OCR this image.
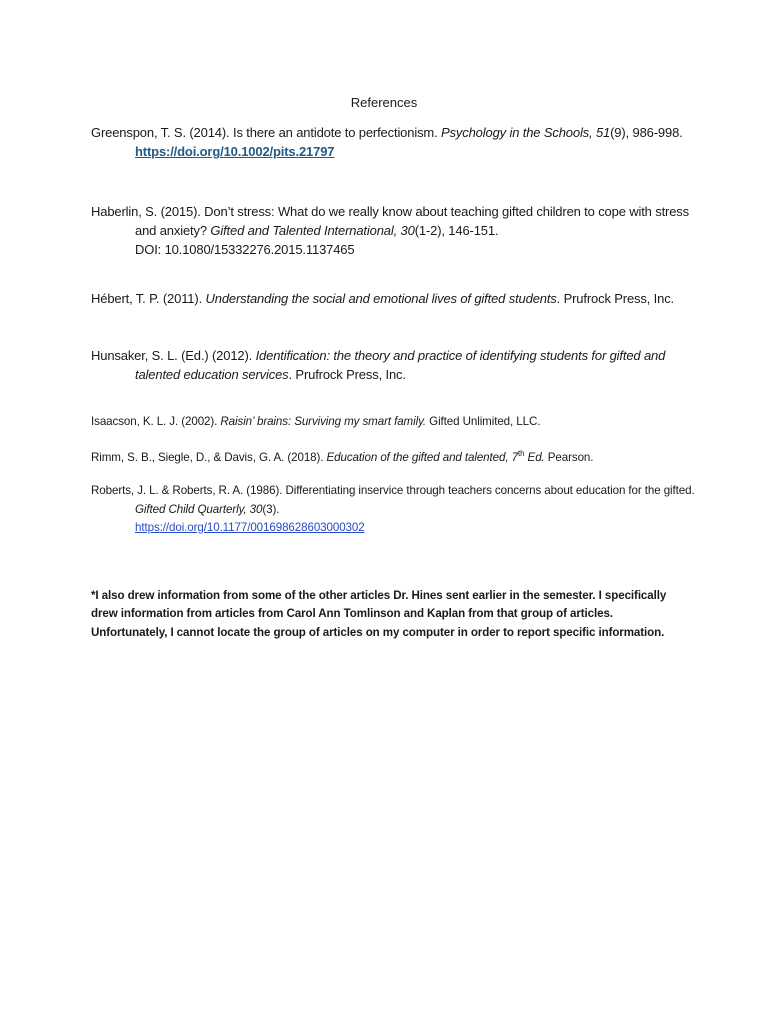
References

Greenspon, T. S. (2014). Is there an antidote to perfectionism. Psychology in the Schools, 51(9), 986-998. https://doi.org/10.1002/pits.21797

Haberlin, S. (2015). Don’t stress: What do we really know about teaching gifted children to cope with stress and anxiety? Gifted and Talented International, 30(1-2), 146-151.
DOI: 10.1080/15332276.2015.1137465

Hébert, T. P. (2011). Understanding the social and emotional lives of gifted students. Prufrock Press, Inc.

Hunsaker, S. L. (Ed.) (2012). Identification: the theory and practice of identifying students for gifted and talented education services. Prufrock Press, Inc.

Isaacson, K. L. J. (2002). Raisin’ brains: Surviving my smart family. Gifted Unlimited, LLC.

Rimm, S. B., Siegle, D., & Davis, G. A. (2018). Education of the gifted and talented, 7th Ed. Pearson.

Roberts, J. L. & Roberts, R. A. (1986). Differentiating inservice through teachers concerns about education for the gifted. Gifted Child Quarterly, 30(3).
https://doi.org/10.1177/001698628603000302

*I also drew information from some of the other articles Dr. Hines sent earlier in the semester. I specifically drew information from articles from Carol Ann Tomlinson and Kaplan from that group of articles. Unfortunately, I cannot locate the group of articles on my computer in order to report specific information.
